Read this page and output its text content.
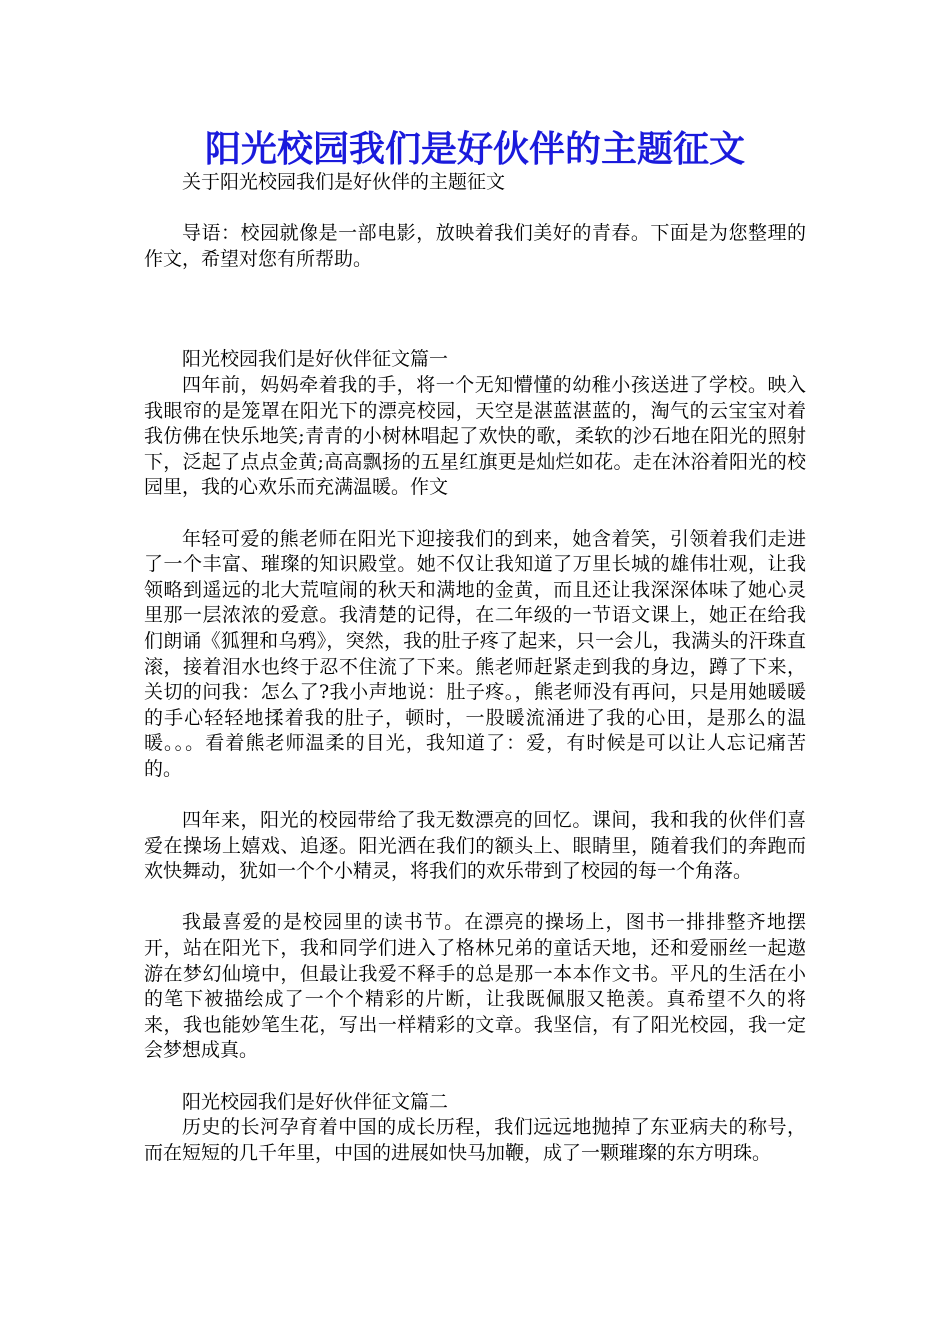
阳光校园我们是好伙伴的主题征文

关于阳光校园我们是好伙伴的主题征文

导语：校园就像是一部电影，放映着我们美好的青春。下面是为您整理的作文，希望对您有所帮助。

阳光校园我们是好伙伴征文篇一

四年前，妈妈牵着我的手，将一个无知懵懂的幼稚小孩送进了学校。映入我眼帘的是笼罩在阳光下的漂亮校园，天空是湛蓝湛蓝的，淘气的云宝宝对着我仿佛在快乐地笑;青青的小树林唱起了欢快的歌，柔软的沙石地在阳光的照射下，泛起了点点金黄;高高飘扬的五星红旗更是灿烂如花。走在沐浴着阳光的校园里，我的心欢乐而充满温暖。作文

年轻可爱的熊老师在阳光下迎接我们的到来，她含着笑，引领着我们走进了一个丰富、璀璨的知识殿堂。她不仅让我知道了万里长城的雄伟壮观，让我领略到遥远的北大荒喧闹的秋天和满地的金黄，而且还让我深深体味了她心灵里那一层浓浓的爱意。我清楚的记得，在二年级的一节语文课上，她正在给我们朗诵《狐狸和乌鸦》，突然，我的肚子疼了起来，只一会儿，我满头的汗珠直滚，接着泪水也终于忍不住流了下来。熊老师赶紧走到我的身边，蹲了下来，关切的问我：怎么了?我小声地说：肚子疼。，熊老师没有再问，只是用她暖暖的手心轻轻地揉着我的肚子，顿时，一股暖流涌进了我的心田，是那么的温暖。。。看着熊老师温柔的目光，我知道了：爱，有时候是可以让人忘记痛苦的。

四年来，阳光的校园带给了我无数漂亮的回忆。课间，我和我的伙伴们喜爱在操场上嬉戏、追逐。阳光洒在我们的额头上、眼睛里，随着我们的奔跑而欢快舞动，犹如一个个小精灵，将我们的欢乐带到了校园的每一个角落。

我最喜爱的是校园里的读书节。在漂亮的操场上，图书一排排整齐地摆开，站在阳光下，我和同学们进入了格林兄弟的童话天地，还和爱丽丝一起遨游在梦幻仙境中，但最让我爱不释手的总是那一本本作文书。平凡的生活在小的笔下被描绘成了一个个精彩的片断，让我既佩服又艳羡。真希望不久的将来，我也能妙笔生花，写出一样精彩的文章。我坚信，有了阳光校园，我一定会梦想成真。

阳光校园我们是好伙伴征文篇二

历史的长河孕育着中国的成长历程，我们远远地抛掉了东亚病夫的称号，而在短短的几千年里，中国的进展如快马加鞭，成了一颗璀璨的东方明珠。
